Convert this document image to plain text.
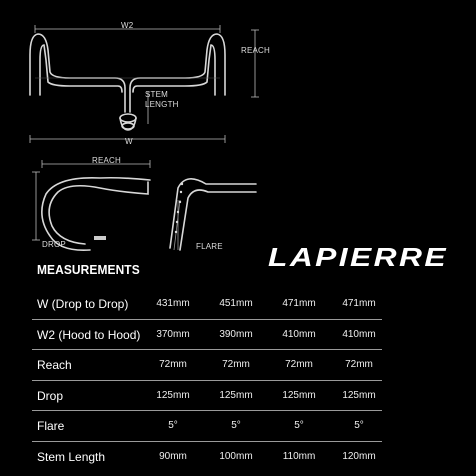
W2
REACH
STEM
LENGTH
W
REACH
DROP	FLARE LAPIERRE
MEASUREMENTS
W (Drop to Drop)	431mm	451mm	471mm	471mm
W2 (Hood to Hood)	370mm	390mm	410mm	410mm
Reach	72mm	72mm	72mm	72mm
Drop	125mm	125mm	125mm	125mm
Flare	5°	5°	5°	5°
Stem Length	90mm	100mm	110mm	120mm
